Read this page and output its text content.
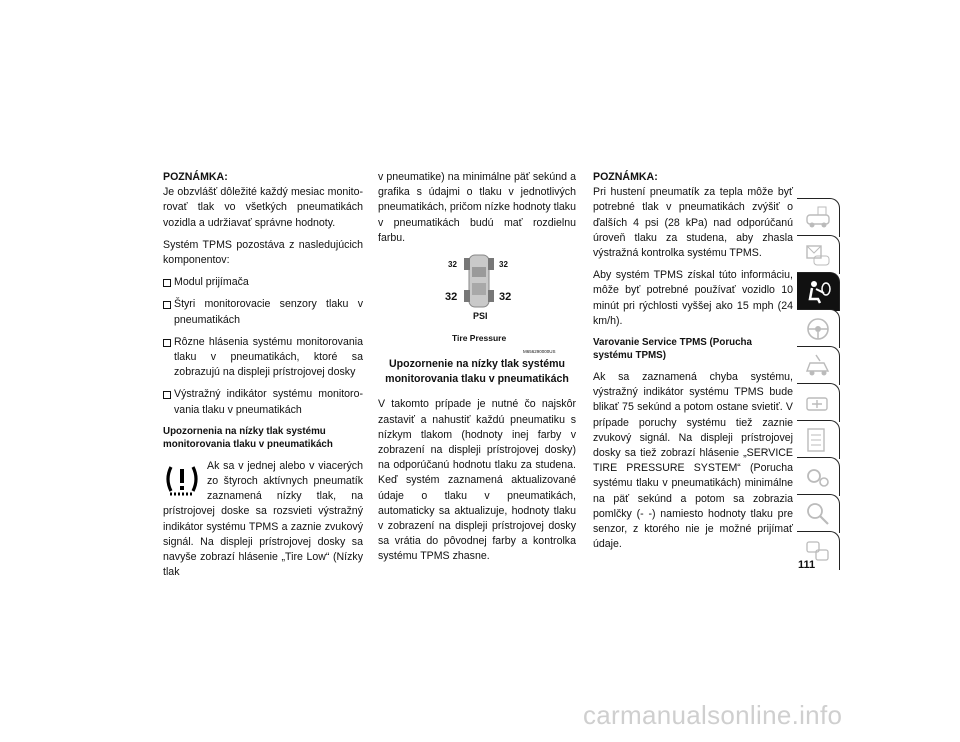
POZNÁMKA:

Je obzvlášť dôležité každý mesiac monitorovať tlak vo všetkých pneumatikách vozidla a udržiavať správne hodnoty.

Systém TPMS pozostáva z nasledujúcich komponentov:

Modul prijímača
Štyri monitorovacie senzory tlaku v pneumatikách
Rôzne hlásenia systému monitorovania tlaku v pneumatikách, ktoré sa zobrazujú na displeji prístrojovej dosky
Výstražný indikátor systému monitorovania tlaku v pneumatikách
Upozornenia na nízky tlak systému monitorovania tlaku v pneumatikách

Ak sa v jednej alebo v viacerých zo štyroch aktívnych pneumatík zaznamená nízky tlak, na prístrojovej doske sa rozsvieti výstražný indikátor systému TPMS a zaznie zvukový signál. Na displeji prístrojovej dosky sa navyše zobrazí hlásenie „Tire Low“ (Nízky tlak

v pneumatike) na minimálne päť sekúnd a grafika s údajmi o tlaku v jednotlivých pneumatikách, pričom nízke hodnoty tlaku v pneumatikách budú mať rozdielnu farbu.

32	32
32	32
PSI
Tire Pressure
M656290000US
Upozornenie na nízky tlak systému monitorovania tlaku v pneumatikách

V takomto prípade je nutné čo najskôr zastaviť a nahustiť každú pneumatiku s nízkym tlakom (hodnoty inej farby v zobrazení na displeji prístrojovej dosky) na odporúčanú hodnotu tlaku za studena. Keď systém zaznamená aktualizované údaje o tlaku v pneumatikách, automaticky sa aktualizuje, hodnoty tlaku v zobrazení na displeji prístrojovej dosky sa vrátia do pôvodnej farby a kontrolka systému TPMS zhasne.

POZNÁMKA:

Pri hustení pneumatík za tepla môže byť potrebné tlak v pneumatikách zvýšiť o ďalších 4 psi (28 kPa) nad odporúčanú úroveň tlaku za studena, aby zhasla výstražná kontrolka systému TPMS.

Aby systém TPMS získal túto informáciu, môže byť potrebné používať vozidlo 10 minút pri rýchlosti vyššej ako 15 mph (24 km/h).

Varovanie Service TPMS (Porucha systému TPMS)

Ak sa zaznamená chyba systému, výstražný indikátor systému TPMS bude blikať 75 sekúnd a potom ostane svietiť. V prípade poruchy systému tiež zaznie zvukový signál. Na displeji prístrojovej dosky sa tiež zobrazí hlásenie „SERVICE TIRE PRESSURE SYSTEM“ (Porucha systému tlaku v pneumatikách) minimálne na päť sekúnd a potom sa zobrazia pomlčky (- -) namiesto hodnoty tlaku pre senzor, z ktorého nie je možné prijímať údaje.

111
carmanualsonline.info
